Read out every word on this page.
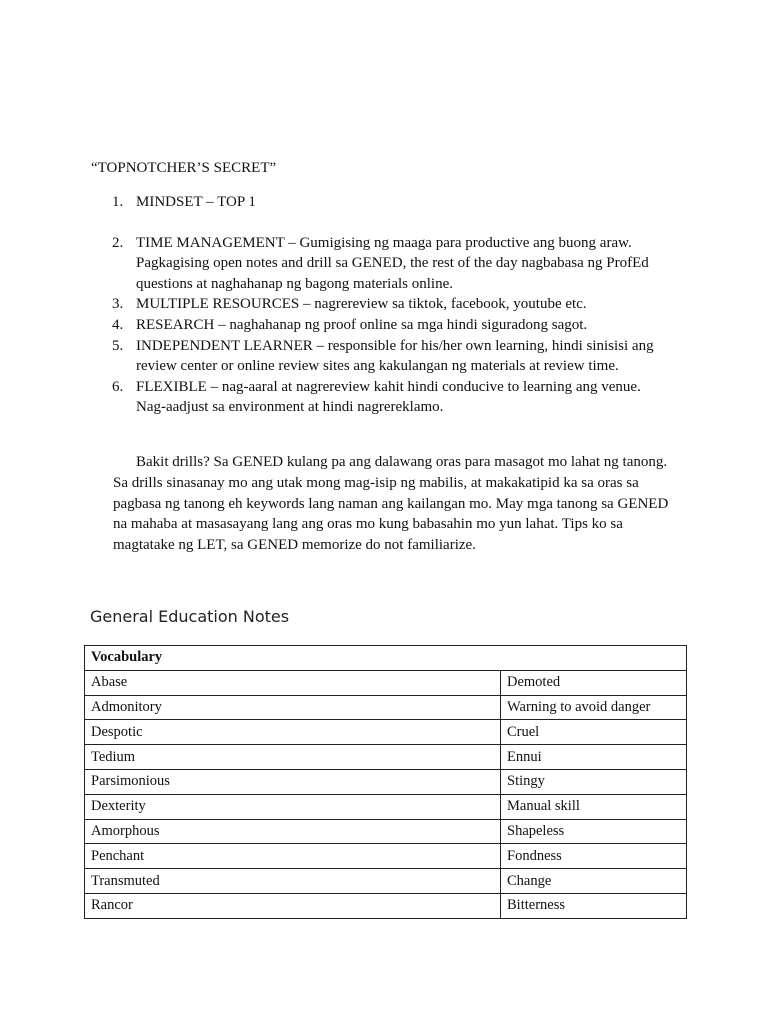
“TOPNOTCHER’S SECRET”
1. MINDSET – TOP 1
2. TIME MANAGEMENT – Gumigising ng maaga para productive ang buong araw. Pagkagising open notes and drill sa GENED, the rest of the day nagbabasa ng ProfEd questions at naghahanap ng bagong materials online.
3. MULTIPLE RESOURCES – nagrereview sa tiktok, facebook, youtube etc.
4. RESEARCH – naghahanap ng proof online sa mga hindi siguradong sagot.
5. INDEPENDENT LEARNER – responsible for his/her own learning, hindi sinisisi ang review center or online review sites ang kakulangan ng materials at review time.
6. FLEXIBLE – nag-aaral at nagrereview kahit hindi conducive to learning ang venue. Nag-aadjust sa environment at hindi nagrereklamo.

Bakit drills? Sa GENED kulang pa ang dalawang oras para masagot mo lahat ng tanong. Sa drills sinasanay mo ang utak mong mag-isip ng mabilis, at makakatipid ka sa oras sa pagbasa ng tanong eh keywords lang naman ang kailangan mo. May mga tanong sa GENED na mahaba at masasayang lang ang oras mo kung babasahin mo yun lahat. Tips ko sa magtatake ng LET, sa GENED memorize do not familiarize.

General Education Notes
Vocabulary	
Abase	Demoted
Admonitory	Warning to avoid danger
Despotic	Cruel
Tedium	Ennui
Parsimonious	Stingy
Dexterity	Manual skill
Amorphous	Shapeless
Penchant	Fondness
Transmuted	Change
Rancor	Bitterness
